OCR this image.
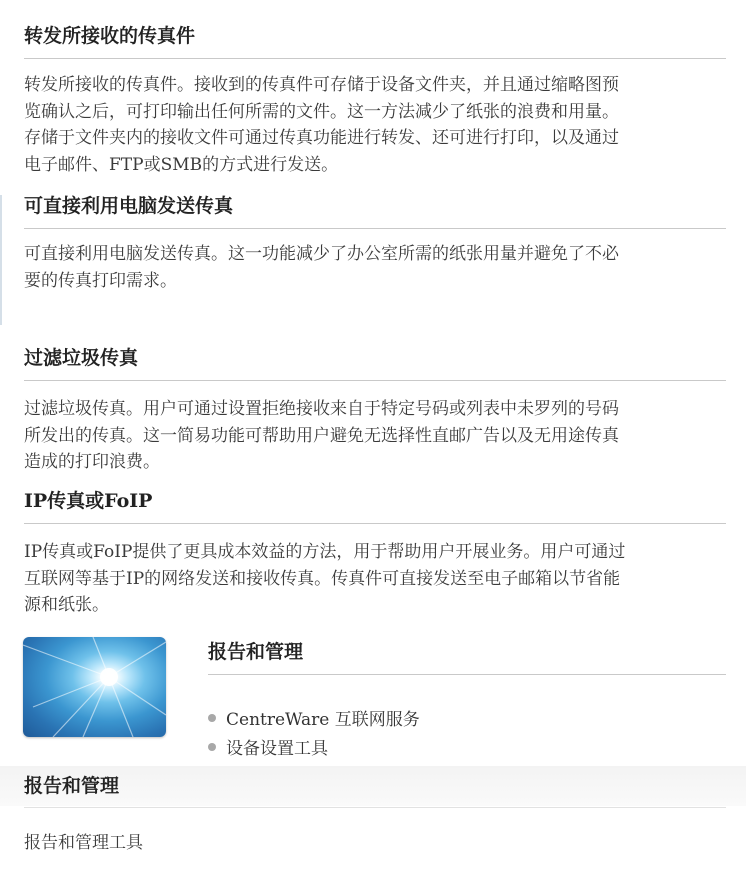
转发所接收的传真件
转发所接收的传真件。接收到的传真件可存储于设备文件夹，并且通过缩略图预
览确认之后，可打印输出任何所需的文件。这一方法减少了纸张的浪费和用量。
存储于文件夹内的接收文件可通过传真功能进行转发、还可进行打印，以及通过
电子邮件、FTP或SMB的方式进行发送。
可直接利用电脑发送传真
可直接利用电脑发送传真。这一功能减少了办公室所需的纸张用量并避免了不必
要的传真打印需求。
过滤垃圾传真
过滤垃圾传真。用户可通过设置拒绝接收来自于特定号码或列表中未罗列的号码
所发出的传真。这一简易功能可帮助用户避免无选择性直邮广告以及无用途传真
造成的打印浪费。
IP传真或FoIP
IP传真或FoIP提供了更具成本效益的方法，用于帮助用户开展业务。用户可通过
互联网等基于IP的网络发送和接收传真。传真件可直接发送至电子邮箱以节省能
源和纸张。
报告和管理
CentreWare 互联网服务
设备设置工具
报告和管理
报告和管理工具
